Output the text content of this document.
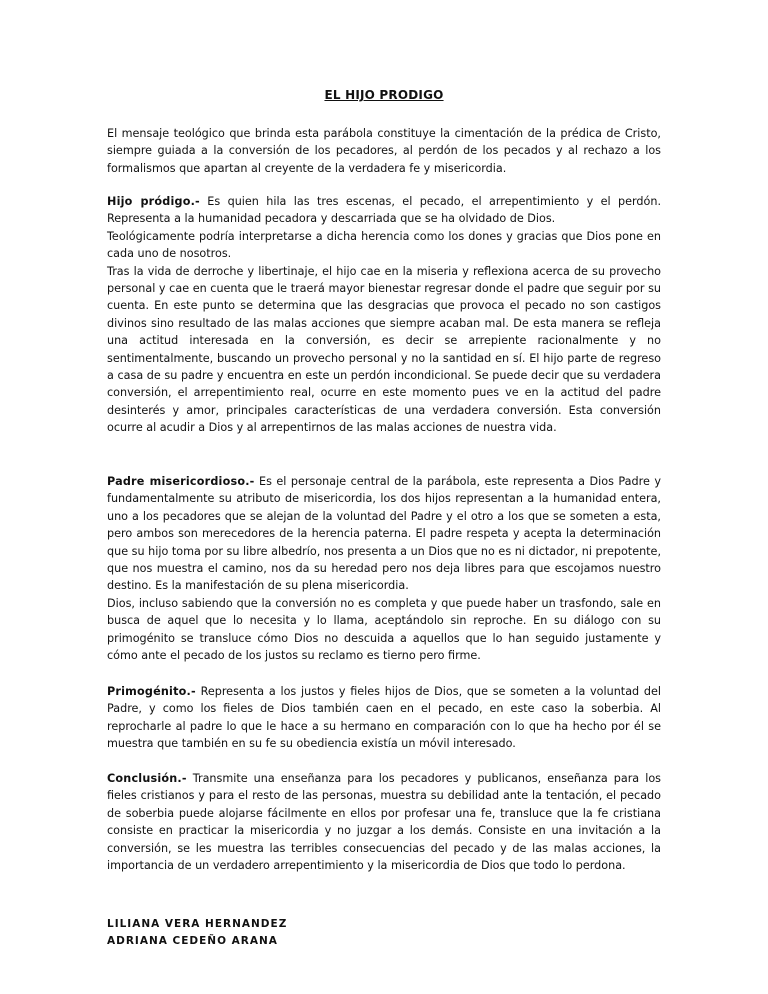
EL HIJO PRODIGO

El mensaje teológico que brinda esta parábola constituye la cimentación de la prédica de Cristo, siempre guiada a la conversión de los pecadores, al perdón de los pecados y al rechazo a los formalismos que apartan al creyente de la verdadera fe y misericordia.

Hijo pródigo.- Es quien hila las tres escenas, el pecado, el arrepentimiento y el perdón. Representa a la humanidad pecadora y descarriada que se ha olvidado de Dios.
Teológicamente podría interpretarse a dicha herencia como los dones y gracias que Dios pone en cada uno de nosotros.
Tras la vida de derroche y libertinaje, el hijo cae en la miseria y reflexiona acerca de su provecho personal y cae en cuenta que le traerá mayor bienestar regresar donde el padre que seguir por su cuenta. En este punto se determina que las desgracias que provoca el pecado no son castigos divinos sino resultado de las malas acciones que siempre acaban mal. De esta manera se refleja una actitud interesada en la conversión, es decir se arrepiente racionalmente y no sentimentalmente, buscando un provecho personal y no la santidad en sí. El hijo parte de regreso a casa de su padre y encuentra en este un perdón incondicional. Se puede decir que su verdadera conversión, el arrepentimiento real, ocurre en este momento pues ve en la actitud del padre desinterés y amor, principales características de una verdadera conversión. Esta conversión ocurre al acudir a Dios y al arrepentirnos de las malas acciones de nuestra vida.
Padre misericordioso.- Es el personaje central de la parábola, este representa a Dios Padre y fundamentalmente su atributo de misericordia, los dos hijos representan a la humanidad entera, uno a los pecadores que se alejan de la voluntad del Padre y el otro a los que se someten a esta, pero ambos son merecedores de la herencia paterna. El padre respeta y acepta la determinación que su hijo toma por su libre albedrío, nos presenta a un Dios que no es ni dictador, ni prepotente, que nos muestra el camino, nos da su heredad pero nos deja libres para que escojamos nuestro destino. Es la manifestación de su plena misericordia.
Dios, incluso sabiendo que la conversión no es completa y que puede haber un trasfondo, sale en busca de aquel que lo necesita y lo llama, aceptándolo sin reproche. En su diálogo con su primogénito se transluce cómo Dios no descuida a aquellos que lo han seguido justamente y cómo ante el pecado de los justos su reclamo es tierno pero firme.
Primogénito.- Representa a los justos y fieles hijos de Dios, que se someten a la voluntad del Padre, y como los fieles de Dios también caen en el pecado, en este caso la soberbia. Al reprocharle al padre lo que le hace a su hermano en comparación con lo que ha hecho por él se muestra que también en su fe su obediencia existía un móvil interesado.
Conclusión.- Transmite una enseñanza para los pecadores y publicanos, enseñanza para los fieles cristianos y para el resto de las personas, muestra su debilidad ante la tentación, el pecado de soberbia puede alojarse fácilmente en ellos por profesar una fe, transluce que la fe cristiana consiste en practicar la misericordia y no juzgar a los demás. Consiste en una invitación a la conversión, se les muestra las terribles consecuencias del pecado y de las malas acciones, la importancia de un verdadero arrepentimiento y la misericordia de Dios que todo lo perdona.
LILIANA VERA HERNANDEZ
ADRIANA CEDEÑO ARANA
